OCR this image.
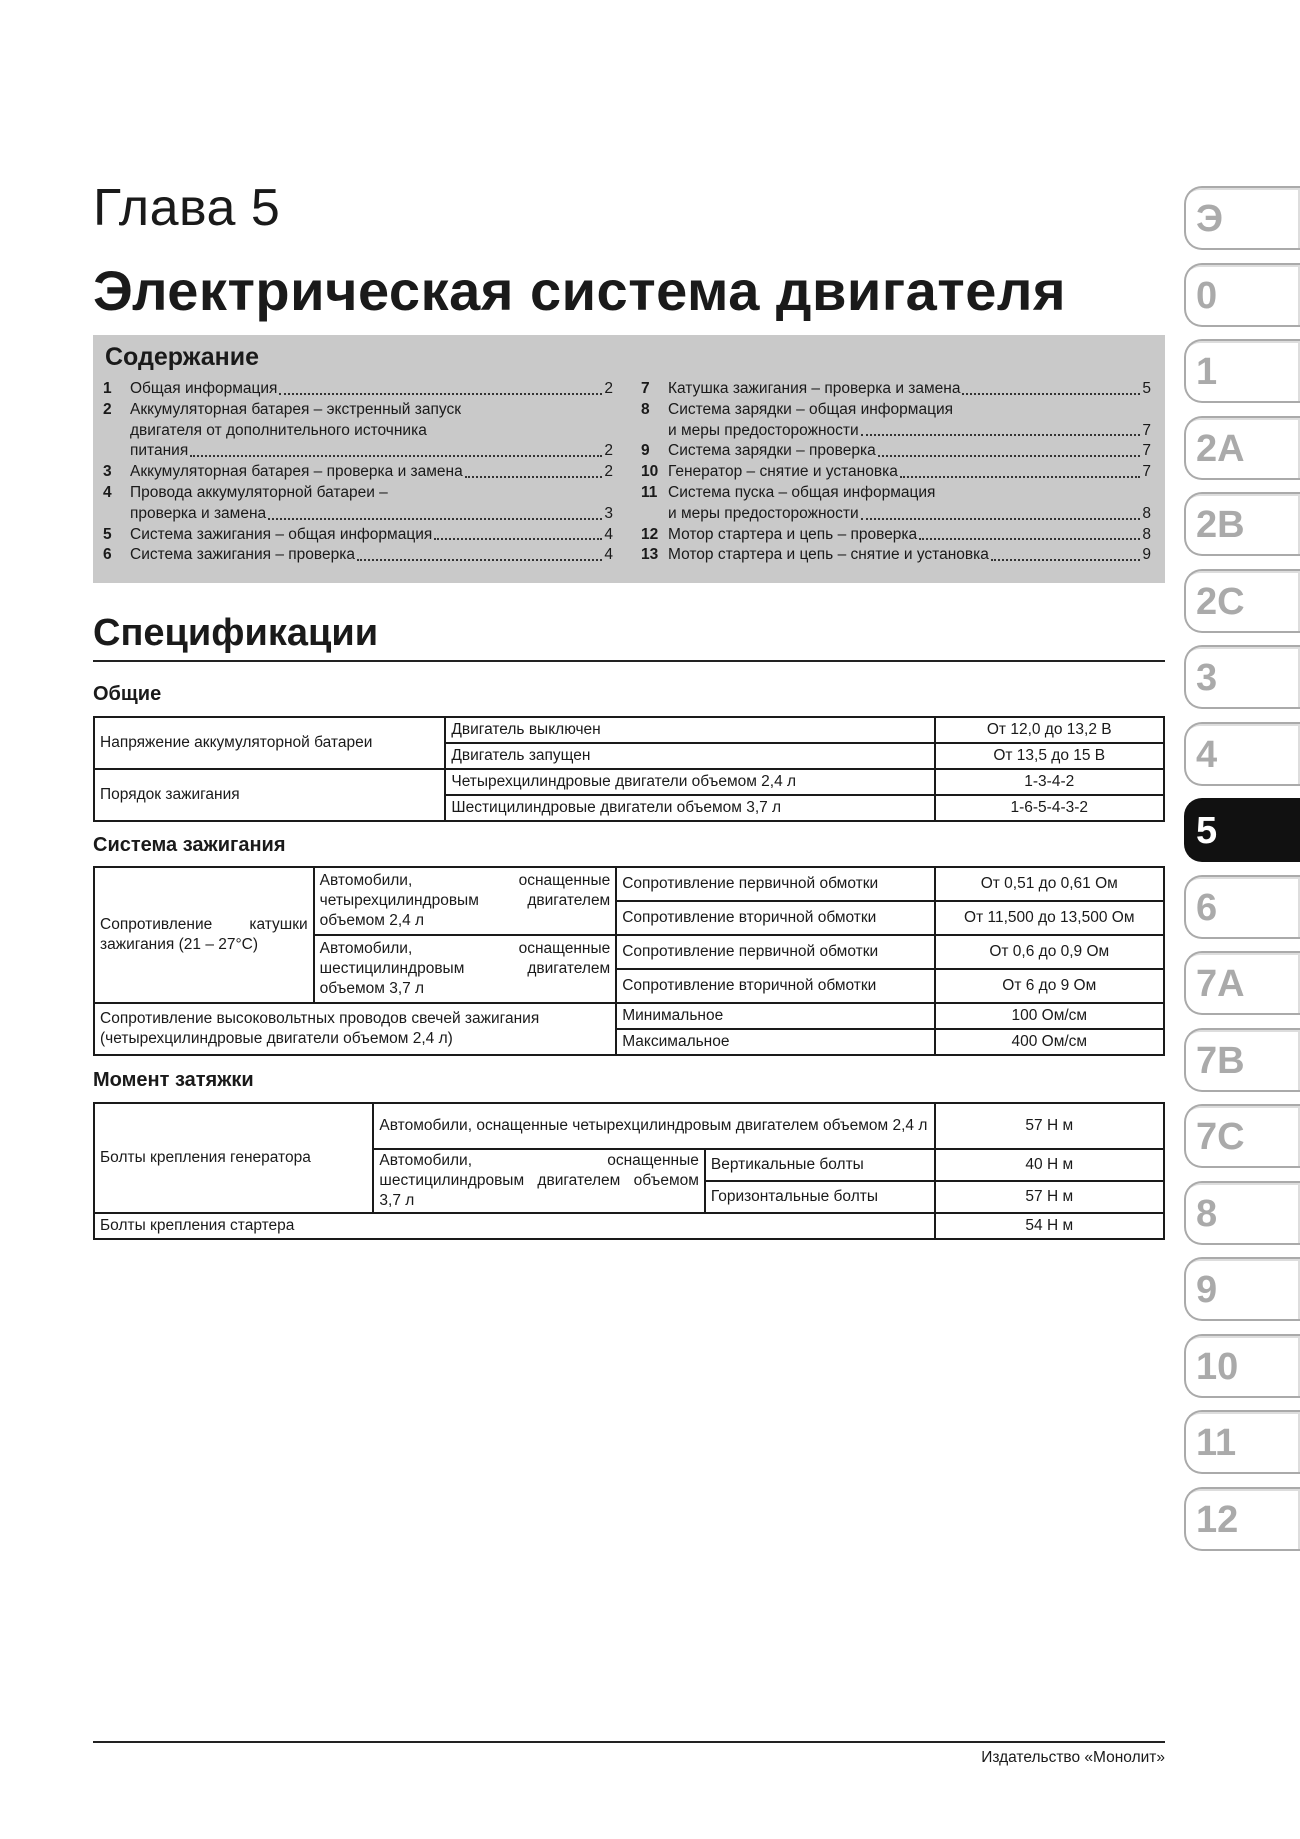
Глава 5
Электрическая система двигателя
Содержание
1	Общая информация	2
2	Аккумуляторная батарея – экстренный запуск
двигателя от дополнительного источника
питания	2
3	Аккумуляторная батарея – проверка и замена	2
4	Провода аккумуляторной батареи –
проверка и замена	3
5	Система зажигания – общая информация	4
6	Система зажигания – проверка	4
7	Катушка зажигания – проверка и замена	5
8	Система зарядки – общая информация
и меры предосторожности	7
9	Система зарядки – проверка	7
10 Генератор – снятие и установка	7
11 Система пуска – общая информация
и меры предосторожности	8
12 Мотор стартера и цепь – проверка	8
13 Мотор стартера и цепь – снятие и установка	9
Спецификации
Общие
Напряжение аккумуляторной батареи	Двигатель выключен	От 12,0 до 13,2 В
	Двигатель запущен	От 13,5 до 15 В
Порядок зажигания	Четырехцилиндровые двигатели объемом 2,4 л	1-3-4-2
	Шестицилиндровые двигатели объемом 3,7 л	1-6-5-4-3-2
Система зажигания
Сопротивление катушки зажигания (21 – 27°С)	Автомобили, оснащенные четырехцилиндровым двигателем объемом 2,4 л	Сопротивление первичной обмотки	От 0,51 до 0,61 Ом
		Сопротивление вторичной обмотки	От 11,500 до 13,500 Ом
	Автомобили, оснащенные шестицилиндровым двигателем объемом 3,7 л	Сопротивление первичной обмотки	От 0,6 до 0,9 Ом
		Сопротивление вторичной обмотки	От 6 до 9 Ом
Сопротивление высоковольтных проводов свечей зажигания (четырехцилиндровые двигатели объемом 2,4 л)		Минимальное	100 Ом/см
		Максимальное	400 Ом/см
Момент затяжки
Болты крепления генератора	Автомобили, оснащенные четырехцилиндровым двигателем объемом 2,4 л		57 Н м
	Автомобили, оснащенные шестицилиндровым двигателем объемом 3,7 л	Вертикальные болты	40 Н м
		Горизонтальные болты	57 Н м
Болты крепления стартера			54 Н м
Э
0
1
2A
2B
2C
3
4
5
6
7A
7B
7C
8
9
10
11
12
Издательство «Монолит»
